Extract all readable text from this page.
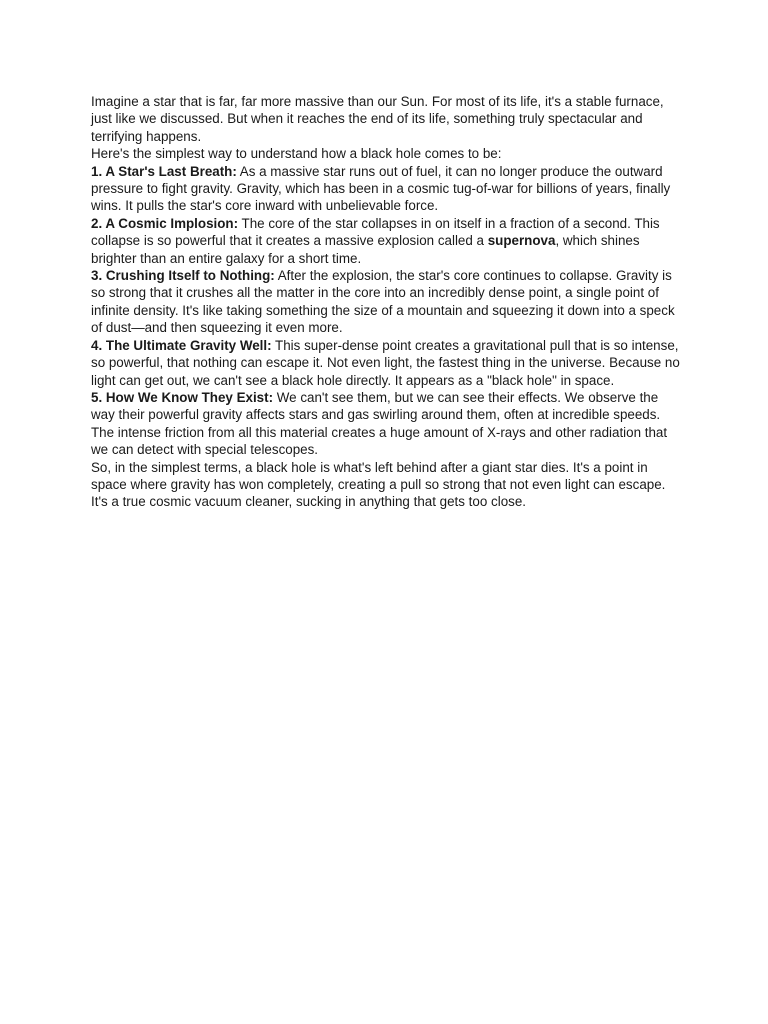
Imagine a star that is far, far more massive than our Sun. For most of its life, it's a stable furnace, just like we discussed. But when it reaches the end of its life, something truly spectacular and terrifying happens.

Here's the simplest way to understand how a black hole comes to be:

1. A Star's Last Breath: As a massive star runs out of fuel, it can no longer produce the outward pressure to fight gravity. Gravity, which has been in a cosmic tug-of-war for billions of years, finally wins. It pulls the star's core inward with unbelievable force.

2. A Cosmic Implosion: The core of the star collapses in on itself in a fraction of a second. This collapse is so powerful that it creates a massive explosion called a supernova, which shines brighter than an entire galaxy for a short time.

3. Crushing Itself to Nothing: After the explosion, the star's core continues to collapse. Gravity is so strong that it crushes all the matter in the core into an incredibly dense point, a single point of infinite density. It's like taking something the size of a mountain and squeezing it down into a speck of dust—and then squeezing it even more.

4. The Ultimate Gravity Well: This super-dense point creates a gravitational pull that is so intense, so powerful, that nothing can escape it. Not even light, the fastest thing in the universe. Because no light can get out, we can't see a black hole directly. It appears as a "black hole" in space.

5. How We Know They Exist: We can't see them, but we can see their effects. We observe the way their powerful gravity affects stars and gas swirling around them, often at incredible speeds. The intense friction from all this material creates a huge amount of X-rays and other radiation that we can detect with special telescopes.

So, in the simplest terms, a black hole is what's left behind after a giant star dies. It's a point in space where gravity has won completely, creating a pull so strong that not even light can escape. It's a true cosmic vacuum cleaner, sucking in anything that gets too close.
